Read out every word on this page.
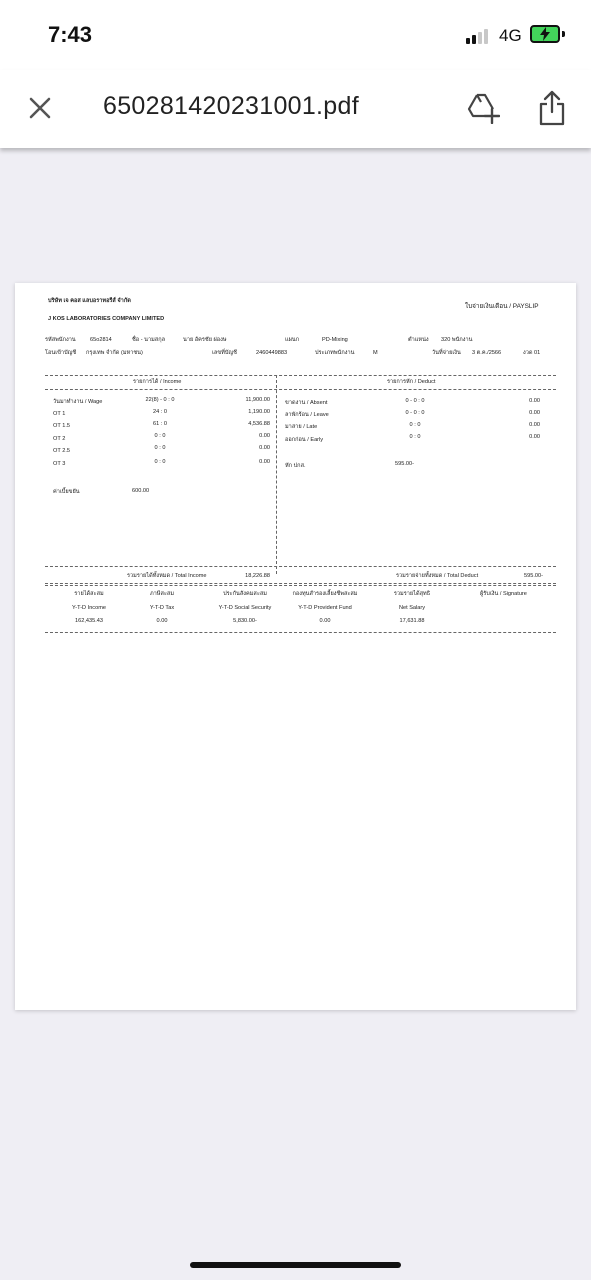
7:43	4G
650281420231001.pdf
บริษัท เจ คอส แลบอราทอรีส์ จำกัด
J KOS LABORATORIES COMPANY LIMITED
ใบจ่ายเงินเดือน / PAYSLIP
รหัสพนักงาน	65o2814	ชื่อ - นามสกุล	นาย อัครชัย ผ่องษ	แผนก	PD-Mixing	ตำแหน่ง 320 พนักงาน
โอนเข้าบัญชี กรุงเทพ จำกัด (มหาชน)	เลขที่บัญชี	2460449883	ประเภทพนักงาน	M	วันที่จ่ายเงิน 3 ต.ค./2566	งวด 01
รายการได้ / Income	รายการหัก / Deduct
วันมาทำงาน / Wage	22(8) - 0 : 0	11,900.00
OT 1	24 : 0	1,190.00
OT 1.5	61 : 0	4,536.88
OT 2	0 : 0	0.00
OT 2.5	0 : 0	0.00
OT 3	0 : 0	0.00
ค่าเบี้ยขยัน	600.00
ขาดงาน / Absent	0 - 0 : 0	0.00
ลาพักร้อน / Leave	0 - 0 : 0	0.00
มาสาย / Late	0 : 0	0.00
ออกก่อน / Early	0 : 0	0.00
หัก ปกส.	595.00-
รวมรายได้ทั้งหมด / Total Income	18,226.88	รวมรายจ่ายทั้งหมด / Total Deduct	595.00-
รายได้สะสม	ภาษีสะสม	ประกันสังคมสะสม	กองทุนสำรองเลี้ยงชีพสะสม	รวมรายได้สุทธิ	ผู้รับเงิน / Signature
Y-T-D Income	Y-T-D Tax	Y-T-D Social Security	Y-T-D Provident Fund	Net Salary
162,435.43	0.00	5,830.00-	0.00	17,631.88
